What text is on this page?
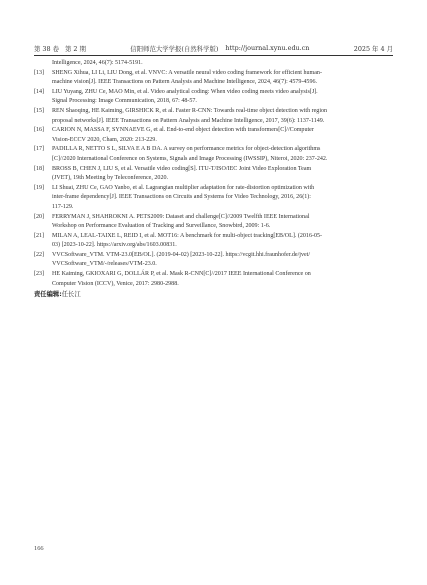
第 38 卷 第 2 期	信阳师范大学学报(自然科学版) http://journal.xynu.edu.cn	2025 年 4 月
Intelligence, 2024, 46(7): 5174-5191.
[13]	SHENG Xihua, LI Li, LIU Dong, et al. VNVC: A versatile neural video coding framework for efficient human-
machine vision[J]. IEEE Transactions on Pattern Analysis and Machine Intelligence, 2024, 46(7): 4579-4596.
[14]	LIU Yuyang, ZHU Ce, MAO Min, et al. Video analytical coding: When video coding meets video analysis[J].
Signal Processing: Image Communication, 2018, 67: 48-57.
[15]	REN Shaoqing, HE Kaiming, GIRSHICK R, et al. Faster R-CNN: Towards real-time object detection with region
proposal networks[J]. IEEE Transactions on Pattern Analysis and Machine Intelligence, 2017, 39(6): 1137-1149.
[16]	CARION N, MASSA F, SYNNAEVE G, et al. End-to-end object detection with transformers[C]//Computer
Vision-ECCV 2020, Cham, 2020: 213-229.
[17]	PADILLA R, NETTO S L, SILVA E A B DA. A survey on performance metrics for object-detection algorithms
[C]//2020 International Conference on Systems, Signals and Image Processing (IWSSIP), Niteroi, 2020: 237-242.
[18]	BROSS B, CHEN J, LIU S, et al. Versatile video coding[S]. ITU-T/ISO/IEC Joint Video Exploration Team
(JVET), 19th Meeting by Teleconference, 2020.
[19]	LI Shuai, ZHU Ce, GAO Yanbo, et al. Lagrangian multiplier adaptation for rate-distortion optimization with
inter-frame dependency[J]. IEEE Transactions on Circuits and Systems for Video Technology, 2016, 26(1):
117-129.
[20]	FERRYMAN J, SHAHROKNI A. PETS2009: Dataset and challenge[C]//2009 Twelfth IEEE International
Workshop on Performance Evaluation of Tracking and Surveillance, Snowbird, 2009: 1-6.
[21]	MILAN A, LEAL-TAIXE L, REID I, et al. MOT16: A benchmark for multi-object tracking[EB/OL]. (2016-05-
03) [2023-10-22]. https://arxiv.org/abs/1603.00831.
[22]	VVCSoftware_VTM. VTM-23.0[EB/OL]. (2019-04-02) [2023-10-22]. https://vcgit.hhi.fraunhofer.de/jvet/
VVCSoftware_VTM/-/releases/VTM-23.0.
[23]	HE Kaiming, GKIOXARI G, DOLLÁR P, et al. Mask R-CNN[C]//2017 IEEE International Conference on
Computer Vision (ICCV), Venice, 2017: 2980-2988.
责任编辑:任长江
166
